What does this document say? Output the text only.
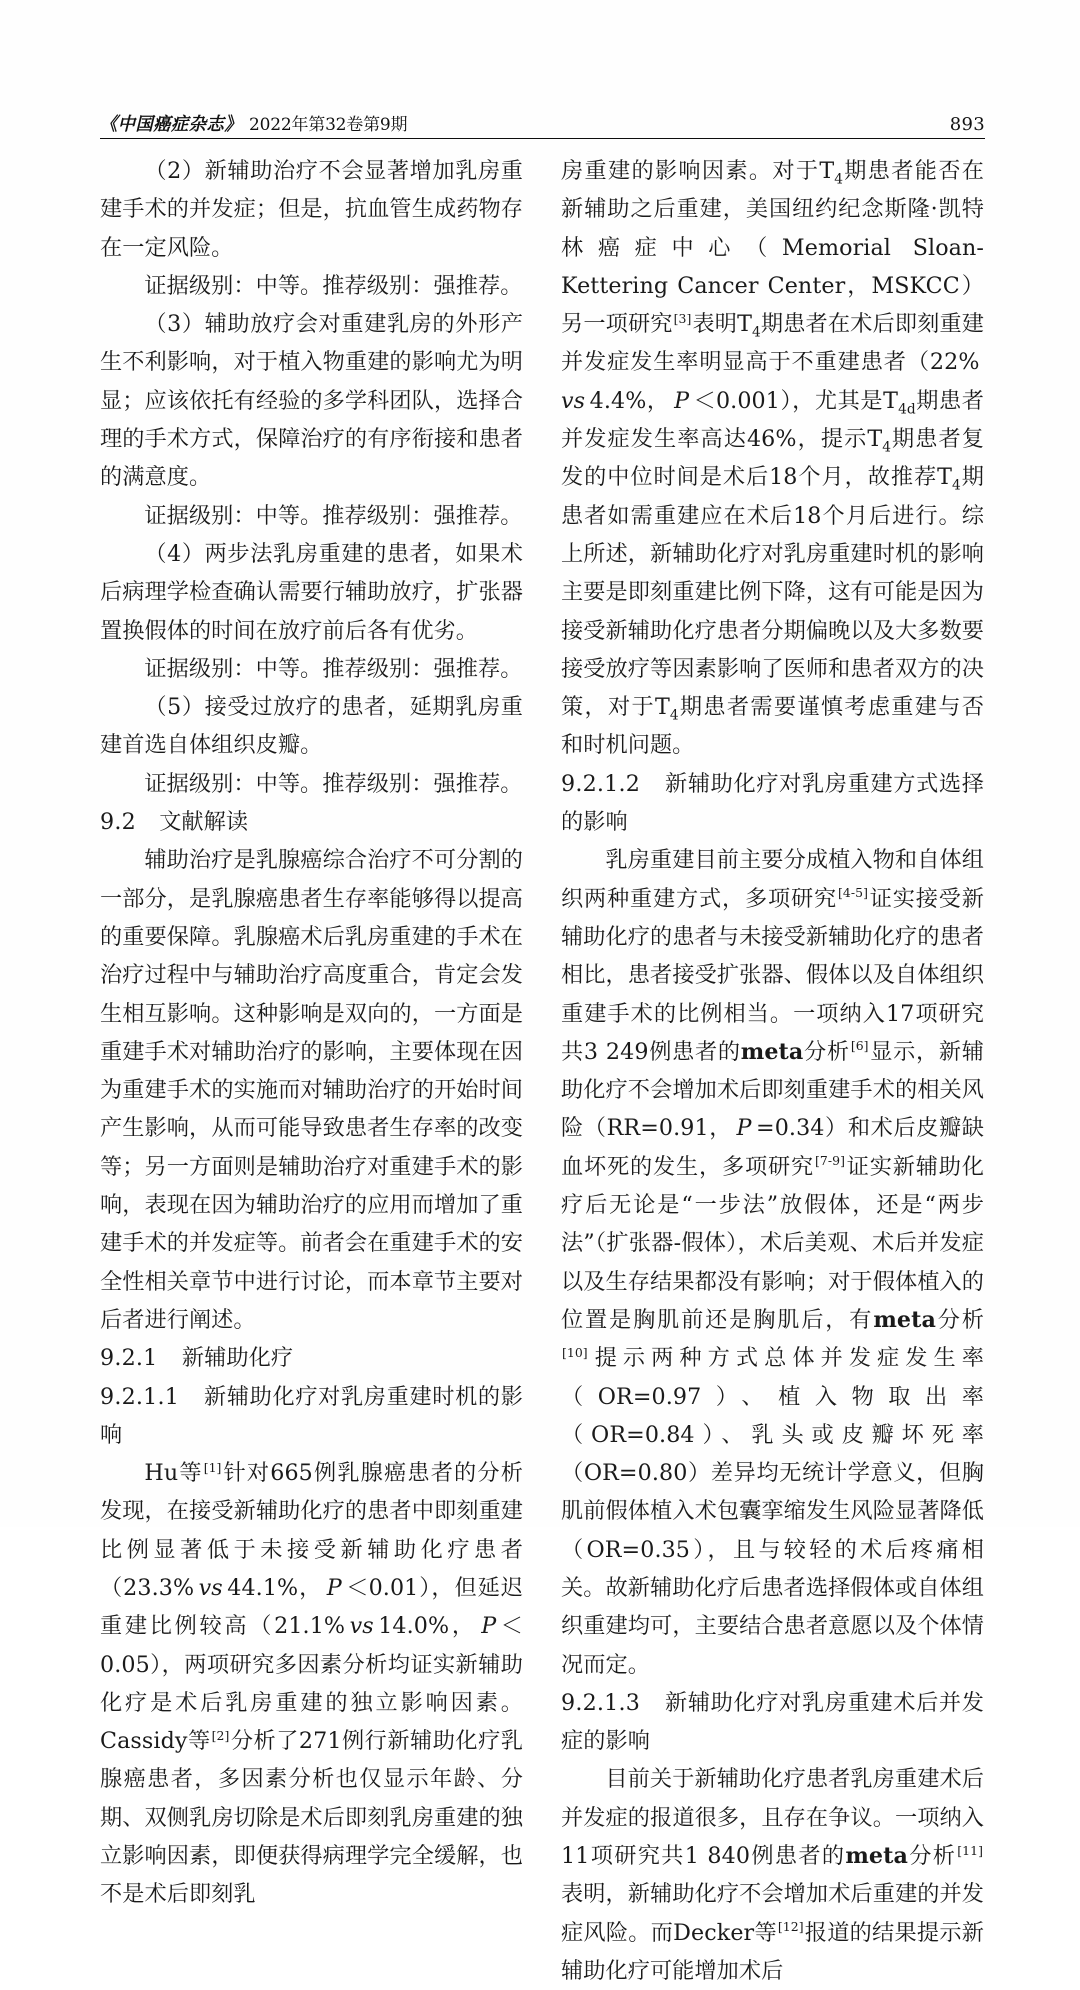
《中国癌症杂志》 2022年第32卷第9期	893

（2）新辅助治疗不会显著增加乳房重建手术的并发症；但是，抗血管生成药物存在一定风险。

证据级别：中等。推荐级别：强推荐。

（3）辅助放疗会对重建乳房的外形产生不利影响，对于植入物重建的影响尤为明显；应该依托有经验的多学科团队，选择合理的手术方式，保障治疗的有序衔接和患者的满意度。

证据级别：中等。推荐级别：强推荐。

（4）两步法乳房重建的患者，如果术后病理学检查确认需要行辅助放疗，扩张器置换假体的时间在放疗前后各有优劣。

证据级别：中等。推荐级别：强推荐。

（5）接受过放疗的患者，延期乳房重建首选自体组织皮瓣。

证据级别：中等。推荐级别：强推荐。

9.2 文献解读

辅助治疗是乳腺癌综合治疗不可分割的一部分，是乳腺癌患者生存率能够得以提高的重要保障。乳腺癌术后乳房重建的手术在治疗过程中与辅助治疗高度重合，肯定会发生相互影响。这种影响是双向的，一方面是重建手术对辅助治疗的影响，主要体现在因为重建手术的实施而对辅助治疗的开始时间产生影响，从而可能导致患者生存率的改变等；另一方面则是辅助治疗对重建手术的影响，表现在因为辅助治疗的应用而增加了重建手术的并发症等。前者会在重建手术的安全性相关章节中进行讨论，而本章节主要对后者进行阐述。

9.2.1 新辅助化疗

9.2.1.1 新辅助化疗对乳房重建时机的影响

Hu等[1]针对665例乳腺癌患者的分析发现，在接受新辅助化疗的患者中即刻重建比例显著低于未接受新辅助化疗患者（23.3%  vs  44.1%，  P  ＜0.01），但延迟重建比例较高（21.1%  vs  14.0%，  P  ＜0.05），两项研究多因素分析均证实新辅助化疗是术后乳房重建的独立影响因素。Cassidy等[2]分析了271例行新辅助化疗乳腺癌患者，多因素分析也仅显示年龄、分期、双侧乳房切除是术后即刻乳房重建的独立影响因素，即便获得病理学完全缓解，也不是术后即刻乳

房重建的影响因素。对于$T_4$期患者能否在新辅助之后重建，美国纽约纪念斯隆·凯特林癌症中心（Memorial Sloan-Kettering Cancer Center，MSKCC）另一项研究[3]表明$T_4$期患者在术后即刻重建并发症发生率明显高于不重建患者（22% vs  4.4%，  P  ＜0.001），尤其是$T_{4d}$期患者并发症发生率高达46%，提示$T_4$期患者复发的中位时间是术后18个月，故推荐$T_4$期患者如需重建应在术后18个月后进行。综上所述，新辅助化疗对乳房重建时机的影响主要是即刻重建比例下降，这有可能是因为接受新辅助化疗患者分期偏晚以及大多数要接受放疗等因素影响了医师和患者双方的决策，对于$T_4$期患者需要谨慎考虑重建与否和时机问题。

9.2.1.2 新辅助化疗对乳房重建方式选择的影响

乳房重建目前主要分成植入物和自体组织两种重建方式，多项研究[4-5]证实接受新辅助化疗的患者与未接受新辅助化疗的患者相比，患者接受扩张器、假体以及自体组织重建手术的比例相当。一项纳入17项研究共3 249例患者的meta分析[6]显示，新辅助化疗不会增加术后即刻重建手术的相关风险（RR=0.91，  P  =0.34）和术后皮瓣缺血坏死的发生，多项研究[7-9]证实新辅助化疗后无论是“一步法”放假体，还是“两步法”（扩张器-假体），术后美观、术后并发症以及生存结果都没有影响；对于假体植入的位置是胸肌前还是胸肌后，有meta分析[10]提示两种方式总体并发症发生率（OR=0.97）、植入物取出率（OR=0.84）、乳头或皮瓣坏死率（OR=0.80）差异均无统计学意义，但胸肌前假体植入术包囊挛缩发生风险显著降低（OR=0.35），且与较轻的术后疼痛相关。故新辅助化疗后患者选择假体或自体组织重建均可，主要结合患者意愿以及个体情况而定。

9.2.1.3 新辅助化疗对乳房重建术后并发症的影响

目前关于新辅助化疗患者乳房重建术后并发症的报道很多，且存在争议。一项纳入11项研究共1 840例患者的meta分析[11]表明，新辅助化疗不会增加术后重建的并发症风险。而Decker等[12]报道的结果提示新辅助化疗可能增加术后
